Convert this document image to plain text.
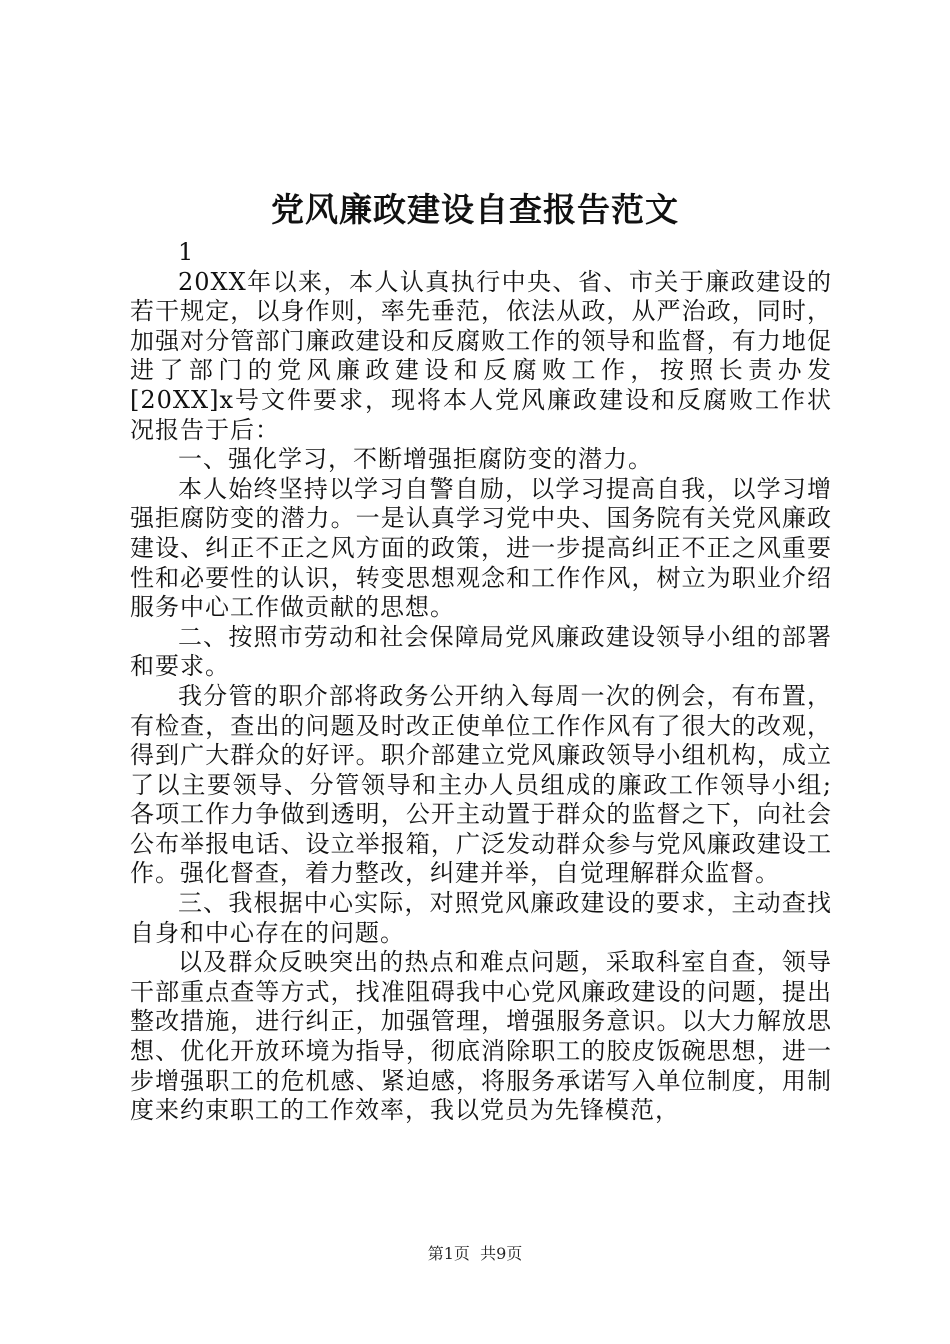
党风廉政建设自查报告范文

1

20XX年以来，本人认真执行中央、省、市关于廉政建设的若干规定，以身作则，率先垂范，依法从政，从严治政，同时，加强对分管部门廉政建设和反腐败工作的领导和监督，有力地促进了部门的党风廉政建设和反腐败工作，按照长责办发[20XX]x号文件要求，现将本人党风廉政建设和反腐败工作状况报告于后：

一、强化学习，不断增强拒腐防变的潜力。

本人始终坚持以学习自警自励，以学习提高自我，以学习增强拒腐防变的潜力。一是认真学习党中央、国务院有关党风廉政建设、纠正不正之风方面的政策，进一步提高纠正不正之风重要性和必要性的认识，转变思想观念和工作作风，树立为职业介绍服务中心工作做贡献的思想。

二、按照市劳动和社会保障局党风廉政建设领导小组的部署和要求。

我分管的职介部将政务公开纳入每周一次的例会，有布置，有检查，查出的问题及时改正使单位工作作风有了很大的改观，得到广大群众的好评。职介部建立党风廉政领导小组机构，成立了以主要领导、分管领导和主办人员组成的廉政工作领导小组;各项工作力争做到透明，公开主动置于群众的监督之下，向社会公布举报电话、设立举报箱，广泛发动群众参与党风廉政建设工作。强化督查，着力整改，纠建并举，自觉理解群众监督。

三、我根据中心实际，对照党风廉政建设的要求，主动查找自身和中心存在的问题。

以及群众反映突出的热点和难点问题，采取科室自查，领导干部重点查等方式，找准阻碍我中心党风廉政建设的问题，提出整改措施，进行纠正，加强管理，增强服务意识。以大力解放思想、优化开放环境为指导，彻底消除职工的胶皮饭碗思想，进一步增强职工的危机感、紧迫感，将服务承诺写入单位制度，用制度来约束职工的工作效率，我以党员为先锋模范，

第1页  共9页
